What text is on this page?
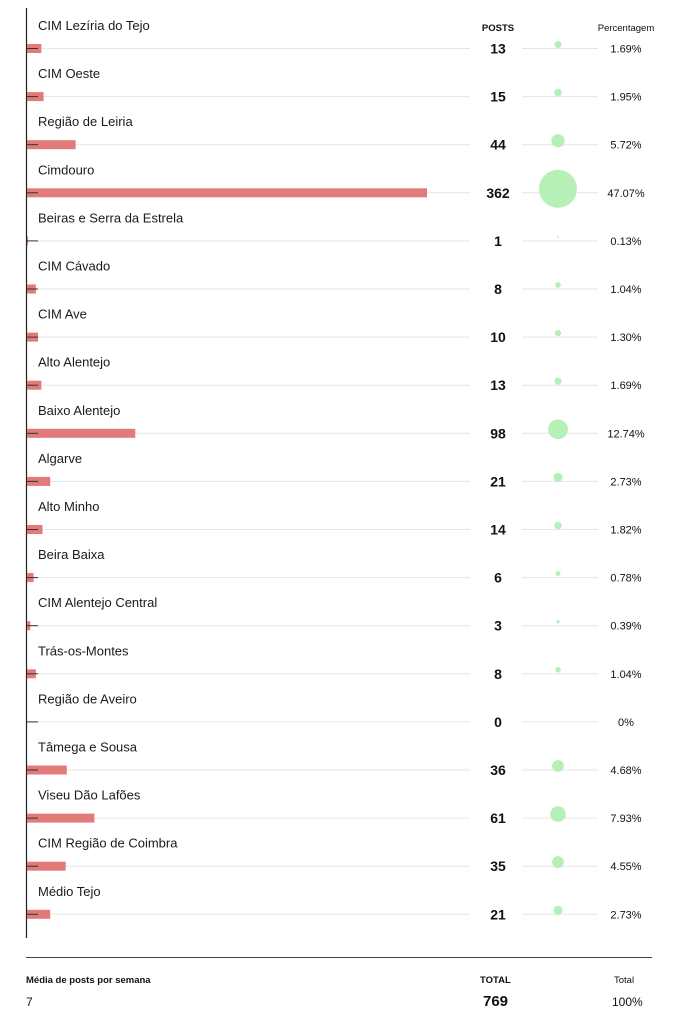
POSTS	Percentagem
CIM Lezíria do Tejo
13	1.69%
CIM Oeste
15	1.95%
Região de Leiria
44	5.72%
Cimdouro
362	47.07%
Beiras e Serra da Estrela
1	0.13%
CIM Cávado
8	1.04%
CIM Ave
10	1.30%
Alto Alentejo
13	1.69%
Baixo Alentejo
98	12.74%
Algarve
21	2.73%
Alto Minho
14	1.82%
Beira Baixa
6	0.78%
CIM Alentejo Central
3	0.39%
Trás-os-Montes
8	1.04%
Região de Aveiro
0	0%
Tâmega e Sousa
36	4.68%
Viseu Dão Lafões
61	7.93%
CIM Região de Coimbra
35	4.55%
Médio Tejo
21	2.73%
Média de posts por semana
7
TOTAL
769
Total
100%
